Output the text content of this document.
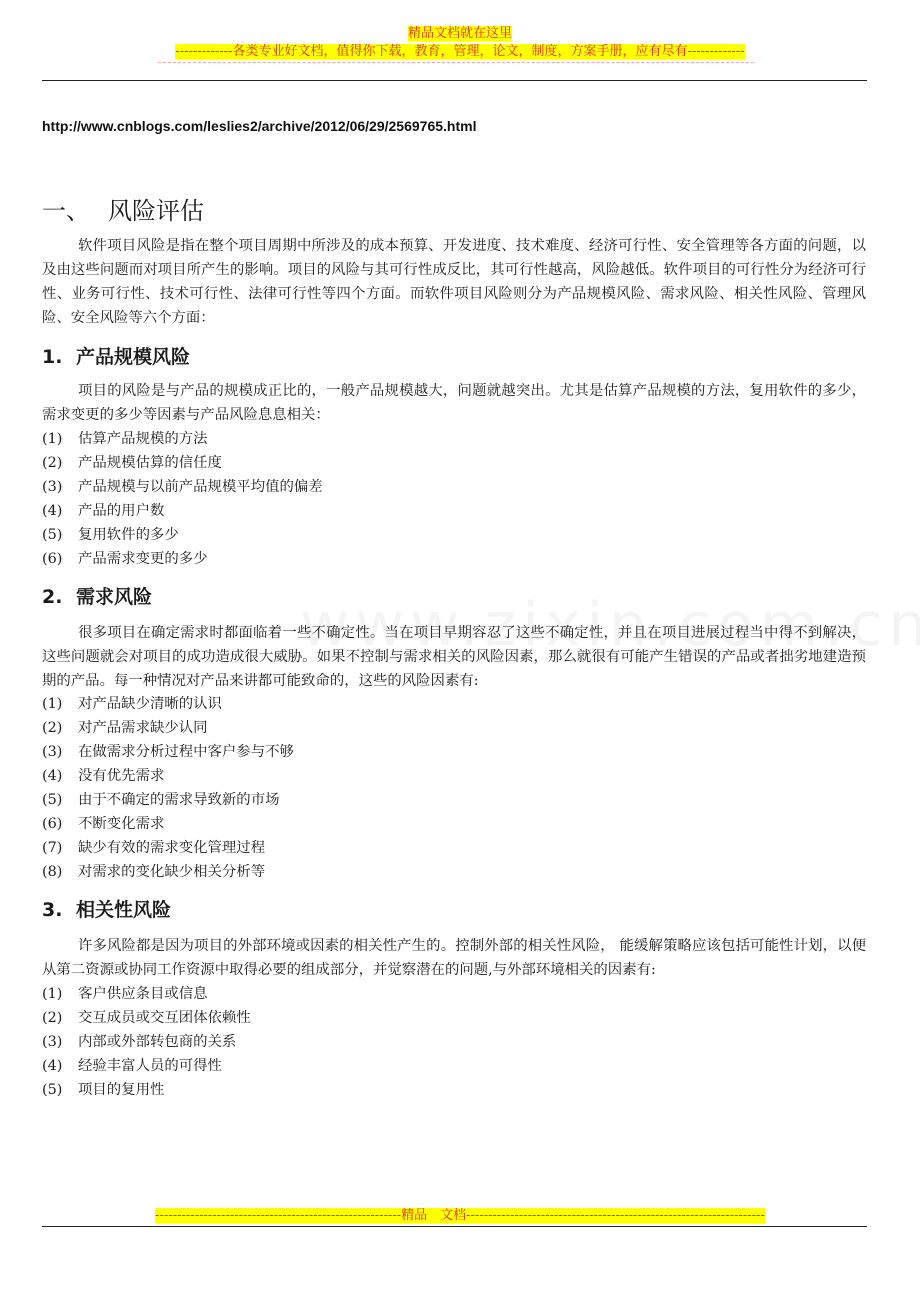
精品文档就在这里
-------------各类专业好文档，值得你下载，教育，管理，论文，制度，方案手册，应有尽有-------------
http://www.cnblogs.com/leslies2/archive/2012/06/29/2569765.html
一、 风险评估

软件项目风险是指在整个项目周期中所涉及的成本预算、开发进度、技术难度、经济可行性、安全管理等各方面的问题，以及由这些问题而对项目所产生的影响。项目的风险与其可行性成反比，其可行性越高，风险越低。软件项目的可行性分为经济可行性、业务可行性、技术可行性、法律可行性等四个方面。而软件项目风险则分为产品规模风险、需求风险、相关性风险、管理风险、安全风险等六个方面：

1. 产品规模风险

项目的风险是与产品的规模成正比的，一般产品规模越大，问题就越突出。尤其是估算产品规模的方法，复用软件的多少，需求变更的多少等因素与产品风险息息相关：

(1) 估算产品规模的方法
(2) 产品规模估算的信任度
(3) 产品规模与以前产品规模平均值的偏差
(4) 产品的用户数
(5) 复用软件的多少
(6) 产品需求变更的多少
2. 需求风险

很多项目在确定需求时都面临着一些不确定性。当在项目早期容忍了这些不确定性，并且在项目进展过程当中得不到解决，这些问题就会对项目的成功造成很大威胁。如果不控制与需求相关的风险因素，那么就很有可能产生错误的产品或者拙劣地建造预期的产品。每一种情况对产品来讲都可能致命的，这些的风险因素有:

(1) 对产品缺少清晰的认识
(2) 对产品需求缺少认同
(3) 在做需求分析过程中客户参与不够
(4) 没有优先需求
(5) 由于不确定的需求导致新的市场
(6) 不断变化需求
(7) 缺少有效的需求变化管理过程
(8) 对需求的变化缺少相关分析等
3. 相关性风险

许多风险都是因为项目的外部环境或因素的相关性产生的。控制外部的相关性风险， 能缓解策略应该包括可能性计划，以便从第二资源或协同工作资源中取得必要的组成部分，并觉察潜在的问题,与外部环境相关的因素有:

(1) 客户供应条目或信息
(2) 交互成员或交互团体依赖性
(3) 内部或外部转包商的关系
(4) 经验丰富人员的可得性
(5) 项目的复用性
--------------------------------------------------------精品　文档--------------------------------------------------------------------
